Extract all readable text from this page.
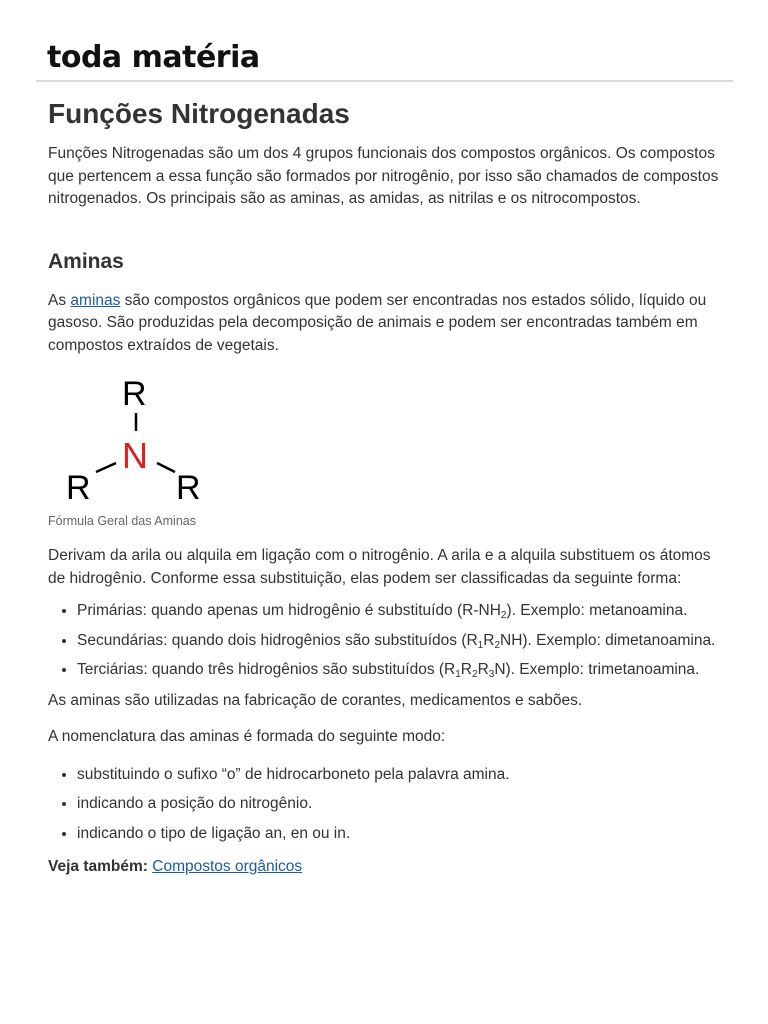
toda matéria
Funções Nitrogenadas

Funções Nitrogenadas são um dos 4 grupos funcionais dos compostos orgânicos. Os compostos que pertencem a essa função são formados por nitrogênio, por isso são chamados de compostos nitrogenados. Os principais são as aminas, as amidas, as nitrilas e os nitrocompostos.

Aminas

As aminas são compostos orgânicos que podem ser encontradas nos estados sólido, líquido ou gasoso. São produzidas pela decomposição de animais e podem ser encontradas também em compostos extraídos de vegetais.

R
N
R	R
Fórmula Geral das Aminas

Derivam da arila ou alquila em ligação com o nitrogênio. A arila e a alquila substituem os átomos de hidrogênio. Conforme essa substituição, elas podem ser classificadas da seguinte forma:

• Primárias: quando apenas um hidrogênio é substituído $(R-NH_2)$. Exemplo: metanoamina.
• Secundárias: quando dois hidrogênios são substituídos $(R_1R_2NH)$. Exemplo: dimetanoamina.
• Terciárias: quando três hidrogênios são substituídos $(R_1R_2R_3N)$. Exemplo: trimetanoamina.

As aminas são utilizadas na fabricação de corantes, medicamentos e sabões.

A nomenclatura das aminas é formada do seguinte modo:

• substituindo o sufixo “o” de hidrocarboneto pela palavra amina.
• indicando a posição do nitrogênio.
• indicando o tipo de ligação an, en ou in.

Veja também: Compostos orgânicos
